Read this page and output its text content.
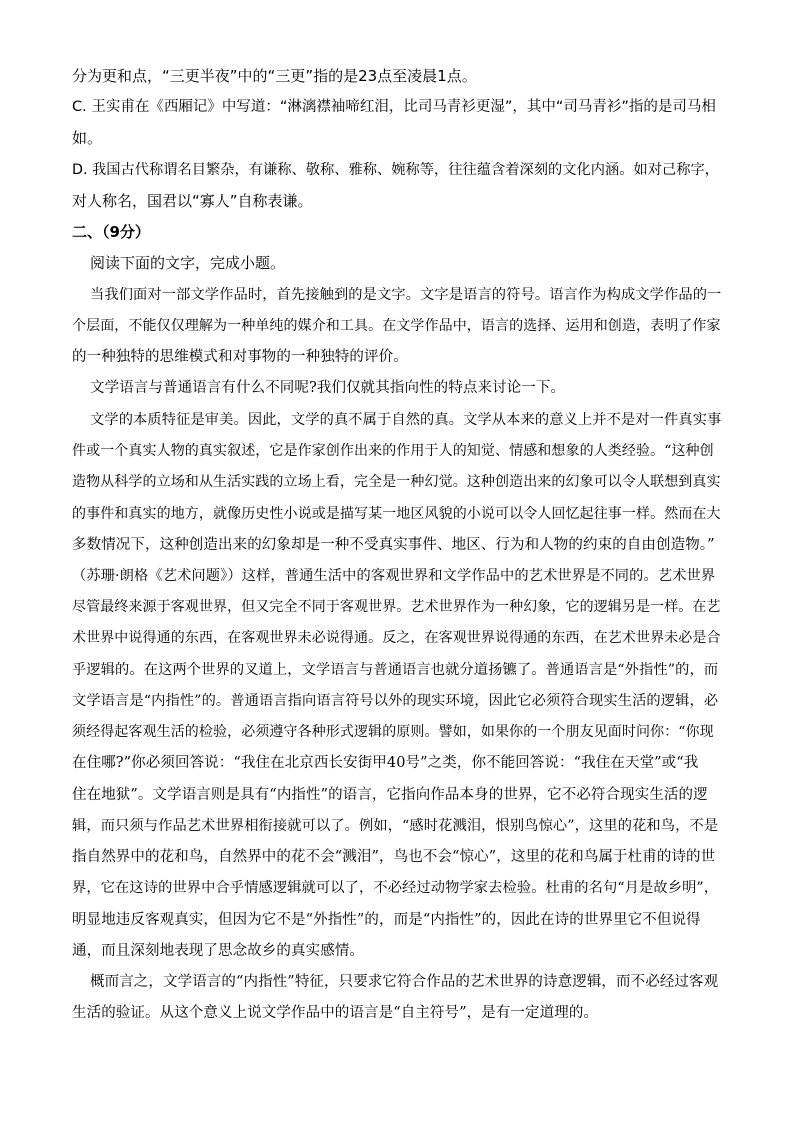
分为更和点，“三更半夜”中的“三更”指的是23点至凌晨1点。
C. 王实甫在《西厢记》中写道：“淋漓襟袖啼红泪，比司马青衫更湿”，其中“司马青衫”指的是司马相
如。
D. 我国古代称谓名目繁杂，有谦称、敬称、雅称、婉称等，往往蕴含着深刻的文化内涵。如对己称字，
对人称名，国君以“寡人”自称表谦。
二、（9分）
阅读下面的文字，完成小题。
当我们面对一部文学作品时，首先接触到的是文字。文字是语言的符号。语言作为构成文学作品的一
个层面，不能仅仅理解为一种单纯的媒介和工具。在文学作品中，语言的选择、运用和创造，表明了作家
的一种独特的思维模式和对事物的一种独特的评价。
文学语言与普通语言有什么不同呢?我们仅就其指向性的特点来讨论一下。
文学的本质特征是审美。因此，文学的真不属于自然的真。文学从本来的意义上并不是对一件真实事
件或一个真实人物的真实叙述，它是作家创作出来的作用于人的知觉、情感和想象的人类经验。“这种创
造物从科学的立场和从生活实践的立场上看，完全是一种幻觉。这种创造出来的幻象可以令人联想到真实
的事件和真实的地方，就像历史性小说或是描写某一地区风貌的小说可以令人回忆起往事一样。然而在大
多数情况下，这种创造出来的幻象却是一种不受真实事件、地区、行为和人物的约束的自由创造物。”
（苏珊·朗格《艺术问题》）这样，普通生活中的客观世界和文学作品中的艺术世界是不同的。艺术世界
尽管最终来源于客观世界，但又完全不同于客观世界。艺术世界作为一种幻象，它的逻辑另是一样。在艺
术世界中说得通的东西，在客观世界未必说得通。反之，在客观世界说得通的东西，在艺术世界未必是合
乎逻辑的。在这两个世界的叉道上，文学语言与普通语言也就分道扬镳了。普通语言是“外指性”的，而
文学语言是“内指性”的。普通语言指向语言符号以外的现实环境，因此它必须符合现实生活的逻辑，必
须经得起客观生活的检验，必须遵守各种形式逻辑的原则。譬如，如果你的一个朋友见面时问你：“你现
在住哪?”你必须回答说：“我住在北京西长安街甲40号”之类，你不能回答说：“我住在天堂”或“我
住在地狱”。文学语言则是具有“内指性”的语言，它指向作品本身的世界，它不必符合现实生活的逻
辑，而只须与作品艺术世界相衔接就可以了。例如，“感时花溅泪，恨别鸟惊心”，这里的花和鸟，不是
指自然界中的花和鸟，自然界中的花不会“溅泪”，鸟也不会“惊心”，这里的花和鸟属于杜甫的诗的世
界，它在这诗的世界中合乎情感逻辑就可以了，不必经过动物学家去检验。杜甫的名句“月是故乡明”，
明显地违反客观真实，但因为它不是“外指性”的，而是“内指性”的，因此在诗的世界里它不但说得
通，而且深刻地表现了思念故乡的真实感情。
概而言之，文学语言的“内指性”特征，只要求它符合作品的艺术世界的诗意逻辑，而不必经过客观
生活的验证。从这个意义上说文学作品中的语言是“自主符号”，是有一定道理的。
